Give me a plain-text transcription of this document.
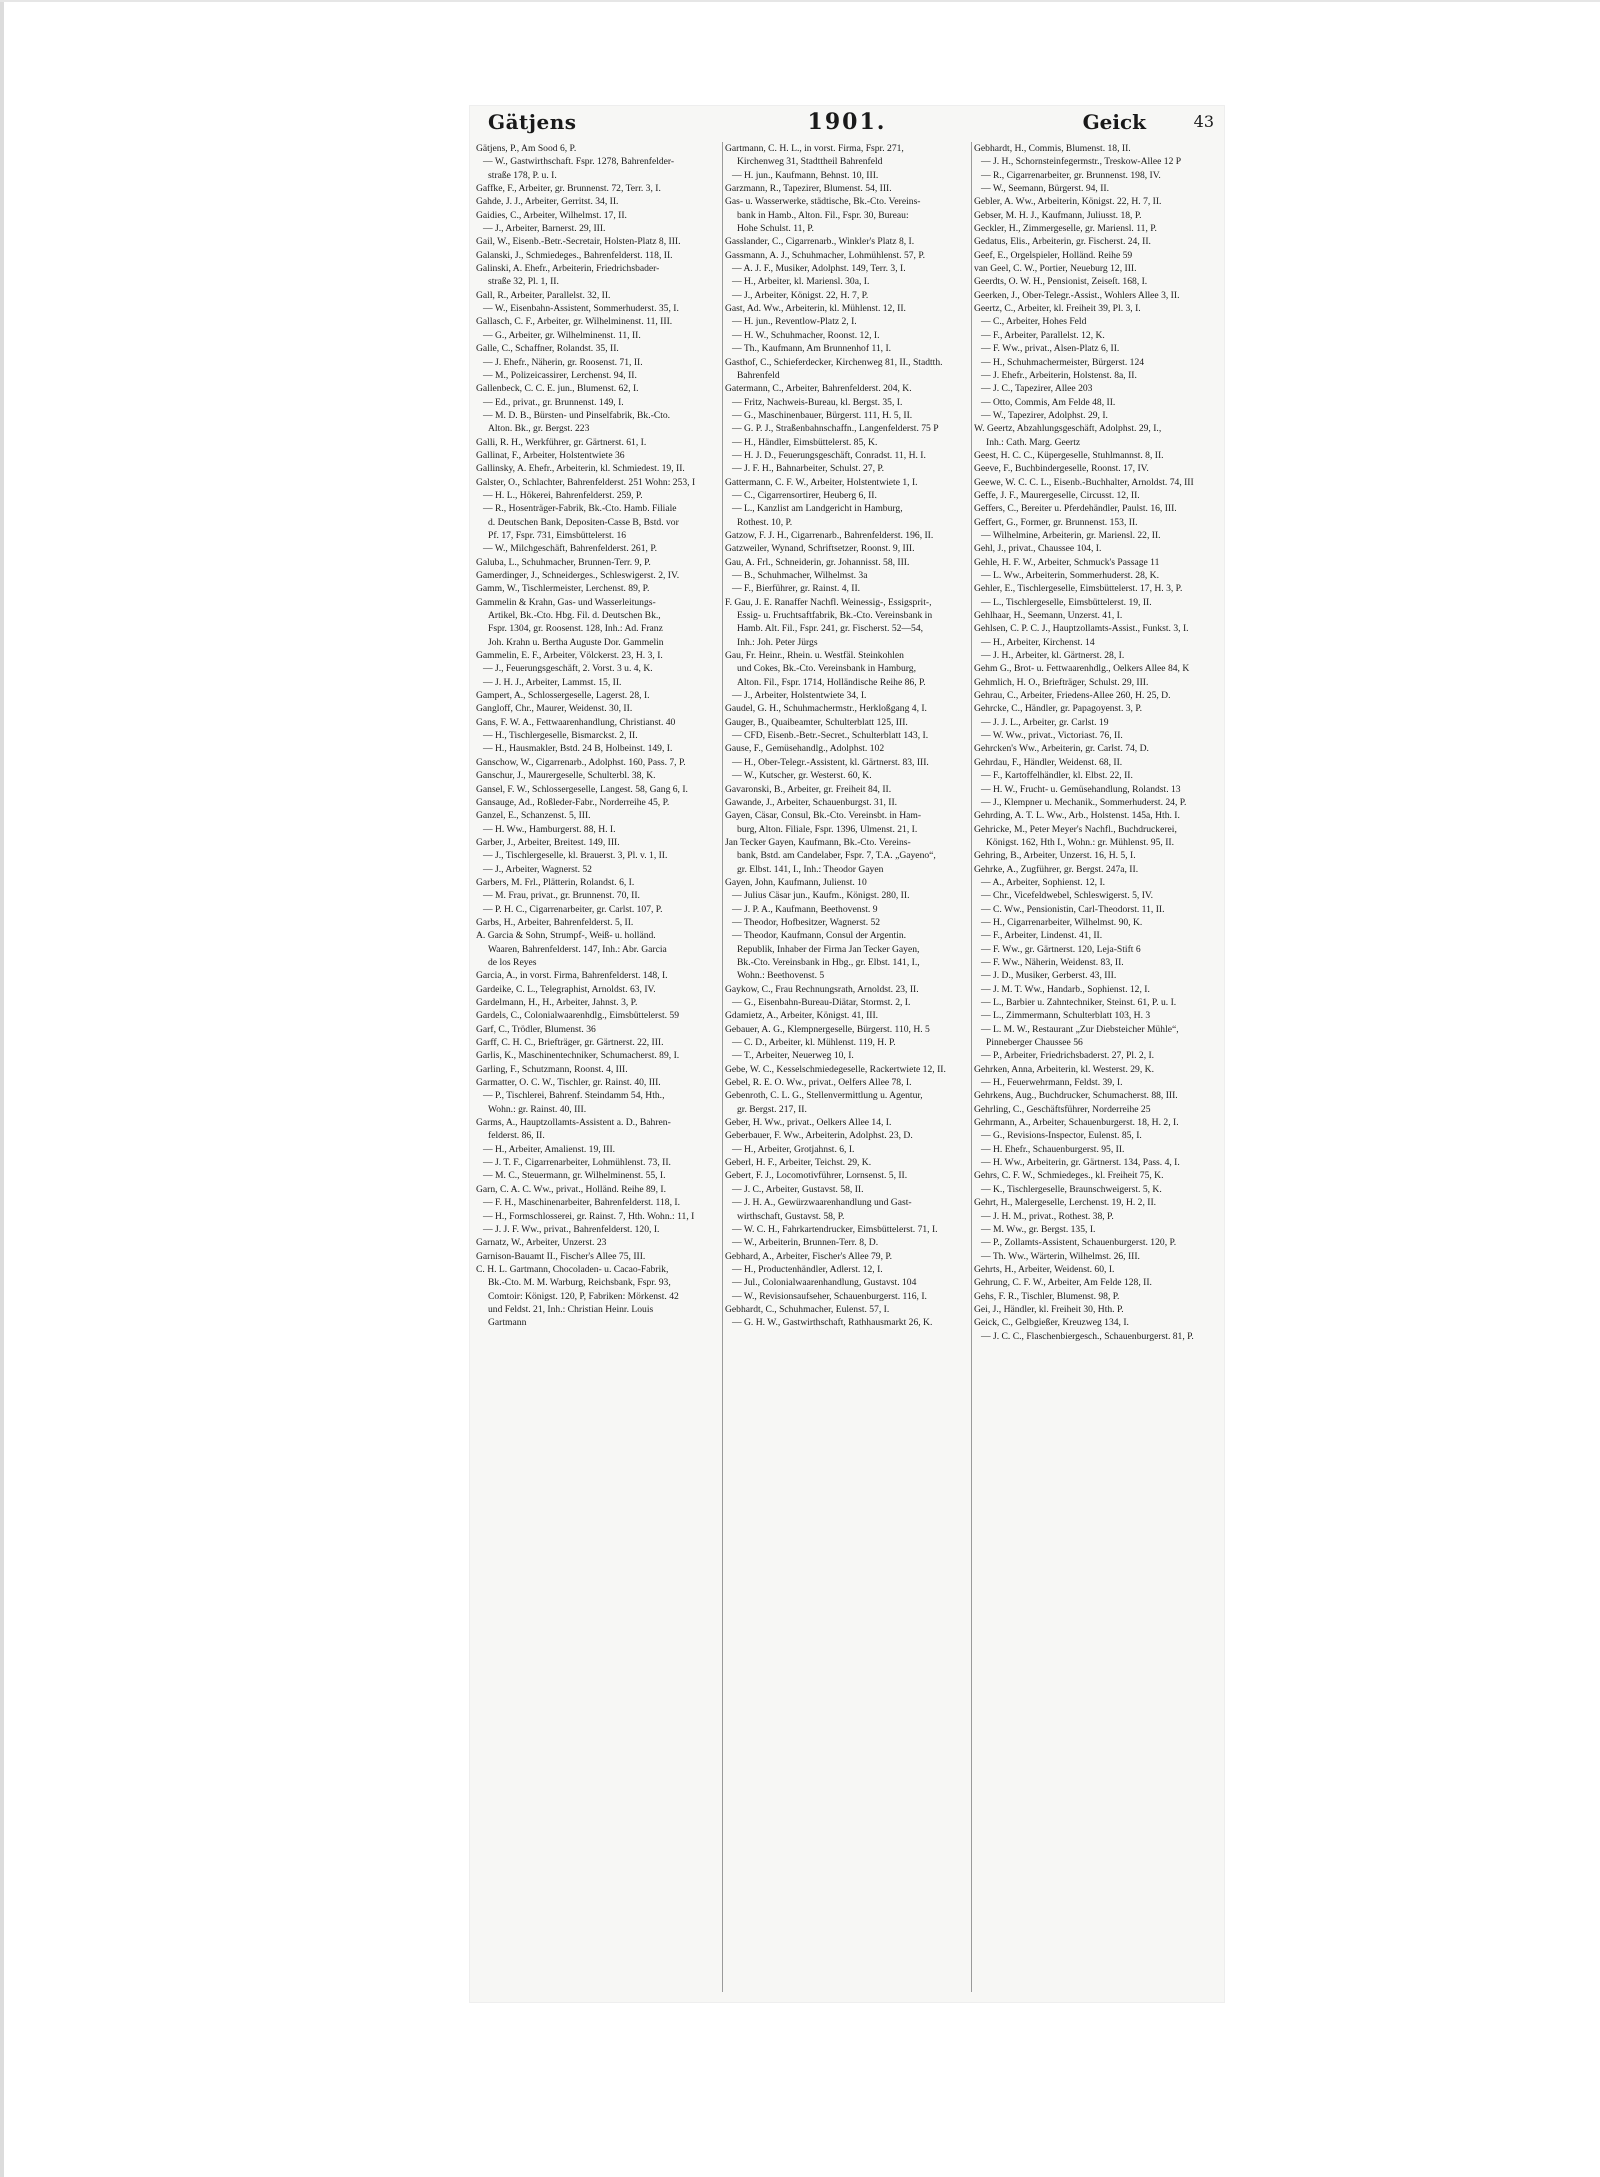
Gätjens	1901.	Geick	43
Gätjens, P., Am Sood 6, P.
— W., Gastwirthschaft. Fspr. 1278, Bahrenfelder-
straße 178, P. u. I.
Gaffke, F., Arbeiter, gr. Brunnenst. 72, Terr. 3, I.
Gahde, J. J., Arbeiter, Gerritst. 34, II.
Gaidies, C., Arbeiter, Wilhelmst. 17, II.
— J., Arbeiter, Barnerst. 29, III.
Gail, W., Eisenb.-Betr.-Secretair, Holsten-Platz 8, III.
Galanski, J., Schmiedeges., Bahrenfelderst. 118, II.
Galinski, A. Ehefr., Arbeiterin, Friedrichsbader-
straße 32, Pl. 1, II.
Gall, R., Arbeiter, Parallelst. 32, II.
— W., Eisenbahn-Assistent, Sommerhuderst. 35, I.
Gallasch, C. F., Arbeiter, gr. Wilhelminenst. 11, III.
— G., Arbeiter, gr. Wilhelminenst. 11, II.
Galle, C., Schaffner, Rolandst. 35, II.
— J. Ehefr., Näherin, gr. Roosenst. 71, II.
— M., Polizeicassirer, Lerchenst. 94, II.
Gallenbeck, C. C. E. jun., Blumenst. 62, I.
— Ed., privat., gr. Brunnenst. 149, I.
— M. D. B., Bürsten- und Pinselfabrik, Bk.-Cto.
Alton. Bk., gr. Bergst. 223
Galli, R. H., Werkführer, gr. Gärtnerst. 61, I.
Gallinat, F., Arbeiter, Holstentwiete 36
Gallinsky, A. Ehefr., Arbeiterin, kl. Schmiedest. 19, II.
Galster, O., Schlachter, Bahrenfelderst. 251 Wohn: 253, I
— H. L., Hökerei, Bahrenfelderst. 259, P.
— R., Hosenträger-Fabrik, Bk.-Cto. Hamb. Filiale
d. Deutschen Bank, Depositen-Casse B, Bstd. vor
Pf. 17, Fspr. 731, Eimsbüttelerst. 16
— W., Milchgeschäft, Bahrenfelderst. 261, P.
Galuba, L., Schuhmacher, Brunnen-Terr. 9, P.
Gamerdinger, J., Schneiderges., Schleswigerst. 2, IV.
Gamm, W., Tischlermeister, Lerchenst. 89, P.
Gammelin & Krahn, Gas- und Wasserleitungs-
Artikel, Bk.-Cto. Hbg. Fil. d. Deutschen Bk.,
Fspr. 1304, gr. Roosenst. 128, Inh.: Ad. Franz
Joh. Krahn u. Bertha Auguste Dor. Gammelin
Gammelin, E. F., Arbeiter, Völckerst. 23, H. 3, I.
— J., Feuerungsgeschäft, 2. Vorst. 3 u. 4, K.
— J. H. J., Arbeiter, Lammst. 15, II.
Gampert, A., Schlossergeselle, Lagerst. 28, I.
Gangloff, Chr., Maurer, Weidenst. 30, II.
Gans, F. W. A., Fettwaarenhandlung, Christianst. 40
— H., Tischlergeselle, Bismarckst. 2, II.
— H., Hausmakler, Bstd. 24 B, Holbeinst. 149, I.
Ganschow, W., Cigarrenarb., Adolphst. 160, Pass. 7, P.
Ganschur, J., Maurergeselle, Schulterbl. 38, K.
Gansel, F. W., Schlossergeselle, Langest. 58, Gang 6, I.
Gansauge, Ad., Roßleder-Fabr., Norderreihe 45, P.
Ganzel, E., Schanzenst. 5, III.
— H. Ww., Hamburgerst. 88, H. I.
Garber, J., Arbeiter, Breitest. 149, III.
— J., Tischlergeselle, kl. Brauerst. 3, Pl. v. 1, II.
— J., Arbeiter, Wagnerst. 52
Garbers, M. Frl., Plätterin, Rolandst. 6, I.
— M. Frau, privat., gr. Brunnenst. 70, II.
— P. H. C., Cigarrenarbeiter, gr. Carlst. 107, P.
Garbs, H., Arbeiter, Bahrenfelderst. 5, II.
A. Garcia & Sohn, Strumpf-, Weiß- u. holländ.
Waaren, Bahrenfelderst. 147, Inh.: Abr. Garcia
de los Reyes
Garcia, A., in vorst. Firma, Bahrenfelderst. 148, I.
Gardeike, C. L., Telegraphist, Arnoldst. 63, IV.
Gardelmann, H., H., Arbeiter, Jahnst. 3, P.
Gardels, C., Colonialwaarenhdlg., Eimsbüttelerst. 59
Garf, C., Trödler, Blumenst. 36
Garff, C. H. C., Briefträger, gr. Gärtnerst. 22, III.
Garlis, K., Maschinentechniker, Schumacherst. 89, I.
Garling, F., Schutzmann, Roonst. 4, III.
Garmatter, O. C. W., Tischler, gr. Rainst. 40, III.
— P., Tischlerei, Bahrenf. Steindamm 54, Hth.,
Wohn.: gr. Rainst. 40, III.
Garms, A., Hauptzollamts-Assistent a. D., Bahren-
felderst. 86, II.
— H., Arbeiter, Amalienst. 19, III.
— J. T. F., Cigarrenarbeiter, Lohmühlenst. 73, II.
— M. C., Steuermann, gr. Wilhelminenst. 55, I.
Garn, C. A. C. Ww., privat., Holländ. Reihe 89, I.
— F. H., Maschinenarbeiter, Bahrenfelderst. 118, I.
— H., Formschlosserei, gr. Rainst. 7, Hth. Wohn.: 11, I
— J. J. F. Ww., privat., Bahrenfelderst. 120, I.
Garnatz, W., Arbeiter, Unzerst. 23
Garnison-Bauamt II., Fischer's Allee 75, III.
C. H. L. Gartmann, Chocoladen- u. Cacao-Fabrik,
Bk.-Cto. M. M. Warburg, Reichsbank, Fspr. 93,
Comtoir: Königst. 120, P, Fabriken: Mörkenst. 42
und Feldst. 21, Inh.: Christian Heinr. Louis
Gartmann
Gartmann, C. H. L., in vorst. Firma, Fspr. 271,
Kirchenweg 31, Stadttheil Bahrenfeld
— H. jun., Kaufmann, Behnst. 10, III.
Garzmann, R., Tapezirer, Blumenst. 54, III.
Gas- u. Wasserwerke, städtische, Bk.-Cto. Vereins-
bank in Hamb., Alton. Fil., Fspr. 30, Bureau:
Hohe Schulst. 11, P.
Gasslander, C., Cigarrenarb., Winkler's Platz 8, I.
Gassmann, A. J., Schuhmacher, Lohmühlenst. 57, P.
— A. J. F., Musiker, Adolphst. 149, Terr. 3, I.
— H., Arbeiter, kl. Mariensl. 30a, I.
— J., Arbeiter, Königst. 22, H. 7, P.
Gast, Ad. Ww., Arbeiterin, kl. Mühlenst. 12, II.
— H. jun., Reventlow-Platz 2, I.
— H. W., Schuhmacher, Roonst. 12, I.
— Th., Kaufmann, Am Brunnenhof 11, I.
Gasthof, C., Schieferdecker, Kirchenweg 81, II., Stadtth.
Bahrenfeld
Gatermann, C., Arbeiter, Bahrenfelderst. 204, K.
— Fritz, Nachweis-Bureau, kl. Bergst. 35, I.
— G., Maschinenbauer, Bürgerst. 111, H. 5, II.
— G. P. J., Straßenbahnschaffn., Langenfelderst. 75 P
— H., Händler, Eimsbüttelerst. 85, K.
— H. J. D., Feuerungsgeschäft, Conradst. 11, H. I.
— J. F. H., Bahnarbeiter, Schulst. 27, P.
Gattermann, C. F. W., Arbeiter, Holstentwiete 1, I.
— C., Cigarrensortirer, Heuberg 6, II.
— L., Kanzlist am Landgericht in Hamburg,
Rothest. 10, P.
Gatzow, F. J. H., Cigarrenarb., Bahrenfelderst. 196, II.
Gatzweiler, Wynand, Schriftsetzer, Roonst. 9, III.
Gau, A. Frl., Schneiderin, gr. Johannisst. 58, III.
— B., Schuhmacher, Wilhelmst. 3a
— F., Bierführer, gr. Rainst. 4, II.
F. Gau, J. E. Ranaffer Nachfl. Weinessig-, Essigsprit-,
Essig- u. Fruchtsaftfabrik, Bk.-Cto. Vereinsbank in
Hamb. Alt. Fil., Fspr. 241, gr. Fischerst. 52—54,
Inh.: Joh. Peter Jürgs
Gau, Fr. Heinr., Rhein. u. Westfäl. Steinkohlen
und Cokes, Bk.-Cto. Vereinsbank in Hamburg,
Alton. Fil., Fspr. 1714, Holländische Reihe 86, P.
— J., Arbeiter, Holstentwiete 34, I.
Gaudel, G. H., Schuhmachermstr., Herkloßgang 4, I.
Gauger, B., Quaibeamter, Schulterblatt 125, III.
— CFD, Eisenb.-Betr.-Secret., Schulterblatt 143, I.
Gause, F., Gemüsehandlg., Adolphst. 102
— H., Ober-Telegr.-Assistent, kl. Gärtnerst. 83, III.
— W., Kutscher, gr. Westerst. 60, K.
Gavaronski, B., Arbeiter, gr. Freiheit 84, II.
Gawande, J., Arbeiter, Schauenburgst. 31, II.
Gayen, Cäsar, Consul, Bk.-Cto. Vereinsbt. in Ham-
burg, Alton. Filiale, Fspr. 1396, Ulmenst. 21, I.
Jan Tecker Gayen, Kaufmann, Bk.-Cto. Vereins-
bank, Bstd. am Candelaber, Fspr. 7, T.A. „Gayeno“,
gr. Elbst. 141, I., Inh.: Theodor Gayen
Gayen, John, Kaufmann, Julienst. 10
— Julius Cäsar jun., Kaufm., Königst. 280, II.
— J. P. A., Kaufmann, Beethovenst. 9
— Theodor, Hofbesitzer, Wagnerst. 52
— Theodor, Kaufmann, Consul der Argentin.
Republik, Inhaber der Firma Jan Tecker Gayen,
Bk.-Cto. Vereinsbank in Hbg., gr. Elbst. 141, I.,
Wohn.: Beethovenst. 5
Gaykow, C., Frau Rechnungsrath, Arnoldst. 23, II.
— G., Eisenbahn-Bureau-Diätar, Stormst. 2, I.
Gdamietz, A., Arbeiter, Königst. 41, III.
Gebauer, A. G., Klempnergeselle, Bürgerst. 110, H. 5
— C. D., Arbeiter, kl. Mühlenst. 119, H. P.
— T., Arbeiter, Neuerweg 10, I.
Gebe, W. C., Kesselschmiedegeselle, Rackertwiete 12, II.
Gebel, R. E. O. Ww., privat., Oelfers Allee 78, I.
Gebenroth, C. L. G., Stellenvermittlung u. Agentur,
gr. Bergst. 217, II.
Geber, H. Ww., privat., Oelkers Allee 14, I.
Geberbauer, F. Ww., Arbeiterin, Adolphst. 23, D.
— H., Arbeiter, Grotjahnst. 6, I.
Geberl, H. F., Arbeiter, Teichst. 29, K.
Gebert, F. J., Locomotivführer, Lornsenst. 5, II.
— J. C., Arbeiter, Gustavst. 58, II.
— J. H. A., Gewürzwaarenhandlung und Gast-
wirthschaft, Gustavst. 58, P.
— W. C. H., Fahrkartendrucker, Eimsbüttelerst. 71, I.
— W., Arbeiterin, Brunnen-Terr. 8, D.
Gebhard, A., Arbeiter, Fischer's Allee 79, P.
— H., Productenhändler, Adlerst. 12, I.
— Jul., Colonialwaarenhandlung, Gustavst. 104
— W., Revisionsaufseher, Schauenburgerst. 116, I.
Gebhardt, C., Schuhmacher, Eulenst. 57, I.
— G. H. W., Gastwirthschaft, Rathhausmarkt 26, K.
Gebhardt, H., Commis, Blumenst. 18, II.
— J. H., Schornsteinfegermstr., Treskow-Allee 12 P
— R., Cigarrenarbeiter, gr. Brunnenst. 198, IV.
— W., Seemann, Bürgerst. 94, II.
Gebler, A. Ww., Arbeiterin, Königst. 22, H. 7, II.
Gebser, M. H. J., Kaufmann, Juliusst. 18, P.
Geckler, H., Zimmergeselle, gr. Mariensl. 11, P.
Gedatus, Elis., Arbeiterin, gr. Fischerst. 24, II.
Geef, E., Orgelspieler, Holländ. Reihe 59
van Geel, C. W., Portier, Neueburg 12, III.
Geerdts, O. W. H., Pensionist, Zeiseſt. 168, I.
Geerken, J., Ober-Telegr.-Assist., Wohlers Allee 3, II.
Geertz, C., Arbeiter, kl. Freiheit 39, Pl. 3, I.
— C., Arbeiter, Hohes Feld
— F., Arbeiter, Parallelst. 12, K.
— F. Ww., privat., Alsen-Platz 6, II.
— H., Schuhmachermeister, Bürgerst. 124
— J. Ehefr., Arbeiterin, Holstenst. 8a, II.
— J. C., Tapezirer, Allee 203
— Otto, Commis, Am Felde 48, II.
— W., Tapezirer, Adolphst. 29, I.
W. Geertz, Abzahlungsgeschäft, Adolphst. 29, I.,
Inh.: Cath. Marg. Geertz
Geest, H. C. C., Küpergeselle, Stuhlmannst. 8, II.
Geeve, F., Buchbindergeselle, Roonst. 17, IV.
Geewe, W. C. C. L., Eisenb.-Buchhalter, Arnoldst. 74, III
Geffe, J. F., Maurergeselle, Circusst. 12, II.
Geffers, C., Bereiter u. Pferdehändler, Paulst. 16, III.
Geffert, G., Former, gr. Brunnenst. 153, II.
— Wilhelmine, Arbeiterin, gr. Mariensl. 22, II.
Gehl, J., privat., Chaussee 104, I.
Gehle, H. F. W., Arbeiter, Schmuck's Passage 11
— L. Ww., Arbeiterin, Sommerhuderst. 28, K.
Gehler, E., Tischlergeselle, Eimsbüttelerst. 17, H. 3, P.
— L., Tischlergeselle, Eimsbüttelerst. 19, II.
Gehlhaar, H., Seemann, Unzerst. 41, I.
Gehlsen, C. P. C. J., Hauptzollamts-Assist., Funkst. 3, I.
— H., Arbeiter, Kirchenst. 14
— J. H., Arbeiter, kl. Gärtnerst. 28, I.
Gehm G., Brot- u. Fettwaarenhdlg., Oelkers Allee 84, K
Gehmlich, H. O., Briefträger, Schulst. 29, III.
Gehrau, C., Arbeiter, Friedens-Allee 260, H. 25, D.
Gehrcke, C., Händler, gr. Papagoyenst. 3, P.
— J. J. L., Arbeiter, gr. Carlst. 19
— W. Ww., privat., Victoriast. 76, II.
Gehrcken's Ww., Arbeiterin, gr. Carlst. 74, D.
Gehrdau, F., Händler, Weidenst. 68, II.
— F., Kartoffelhändler, kl. Elbst. 22, II.
— H. W., Frucht- u. Gemüsehandlung, Rolandst. 13
— J., Klempner u. Mechanik., Sommerhuderst. 24, P.
Gehrding, A. T. L. Ww., Arb., Holstenst. 145a, Hth. I.
Gehricke, M., Peter Meyer's Nachfl., Buchdruckerei,
Königst. 162, Hth I., Wohn.: gr. Mühlenst. 95, II.
Gehring, B., Arbeiter, Unzerst. 16, H. 5, I.
Gehrke, A., Zugführer, gr. Bergst. 247a, II.
— A., Arbeiter, Sophienst. 12, I.
— Chr., Vicefeldwebel, Schleswigerst. 5, IV.
— C. Ww., Pensionistin, Carl-Theodorst. 11, II.
— H., Cigarrenarbeiter, Wilhelmst. 90, K.
— F., Arbeiter, Lindenst. 41, II.
— F. Ww., gr. Gärtnerst. 120, Leja-Stift 6
— F. Ww., Näherin, Weidenst. 83, II.
— J. D., Musiker, Gerberst. 43, III.
— J. M. T. Ww., Handarb., Sophienst. 12, I.
— L., Barbier u. Zahntechniker, Steinst. 61, P. u. I.
— L., Zimmermann, Schulterblatt 103, H. 3
— L. M. W., Restaurant „Zur Diebsteicher Mühle“,
Pinneberger Chaussee 56
— P., Arbeiter, Friedrichsbaderst. 27, Pl. 2, I.
Gehrken, Anna, Arbeiterin, kl. Westerst. 29, K.
— H., Feuerwehrmann, Feldst. 39, I.
Gehrkens, Aug., Buchdrucker, Schumacherst. 88, III.
Gehrling, C., Geschäftsführer, Norderreihe 25
Gehrmann, A., Arbeiter, Schauenburgerst. 18, H. 2, I.
— G., Revisions-Inspector, Eulenst. 85, I.
— H. Ehefr., Schauenburgerst. 95, II.
— H. Ww., Arbeiterin, gr. Gärtnerst. 134, Pass. 4, I.
Gehrs, C. F. W., Schmiedeges., kl. Freiheit 75, K.
— K., Tischlergeselle, Braunschweigerst. 5, K.
Gehrt, H., Malergeselle, Lerchenst. 19, H. 2, II.
— J. H. M., privat., Rothest. 38, P.
— M. Ww., gr. Bergst. 135, I.
— P., Zollamts-Assistent, Schauenburgerst. 120, P.
— Th. Ww., Wärterin, Wilhelmst. 26, III.
Gehrts, H., Arbeiter, Weidenst. 60, I.
Gehrung, C. F. W., Arbeiter, Am Felde 128, II.
Gehs, F. R., Tischler, Blumenst. 98, P.
Gei, J., Händler, kl. Freiheit 30, Hth. P.
Geick, C., Gelbgießer, Kreuzweg 134, I.
— J. C. C., Flaschenbiergesch., Schauenburgerst. 81, P.
